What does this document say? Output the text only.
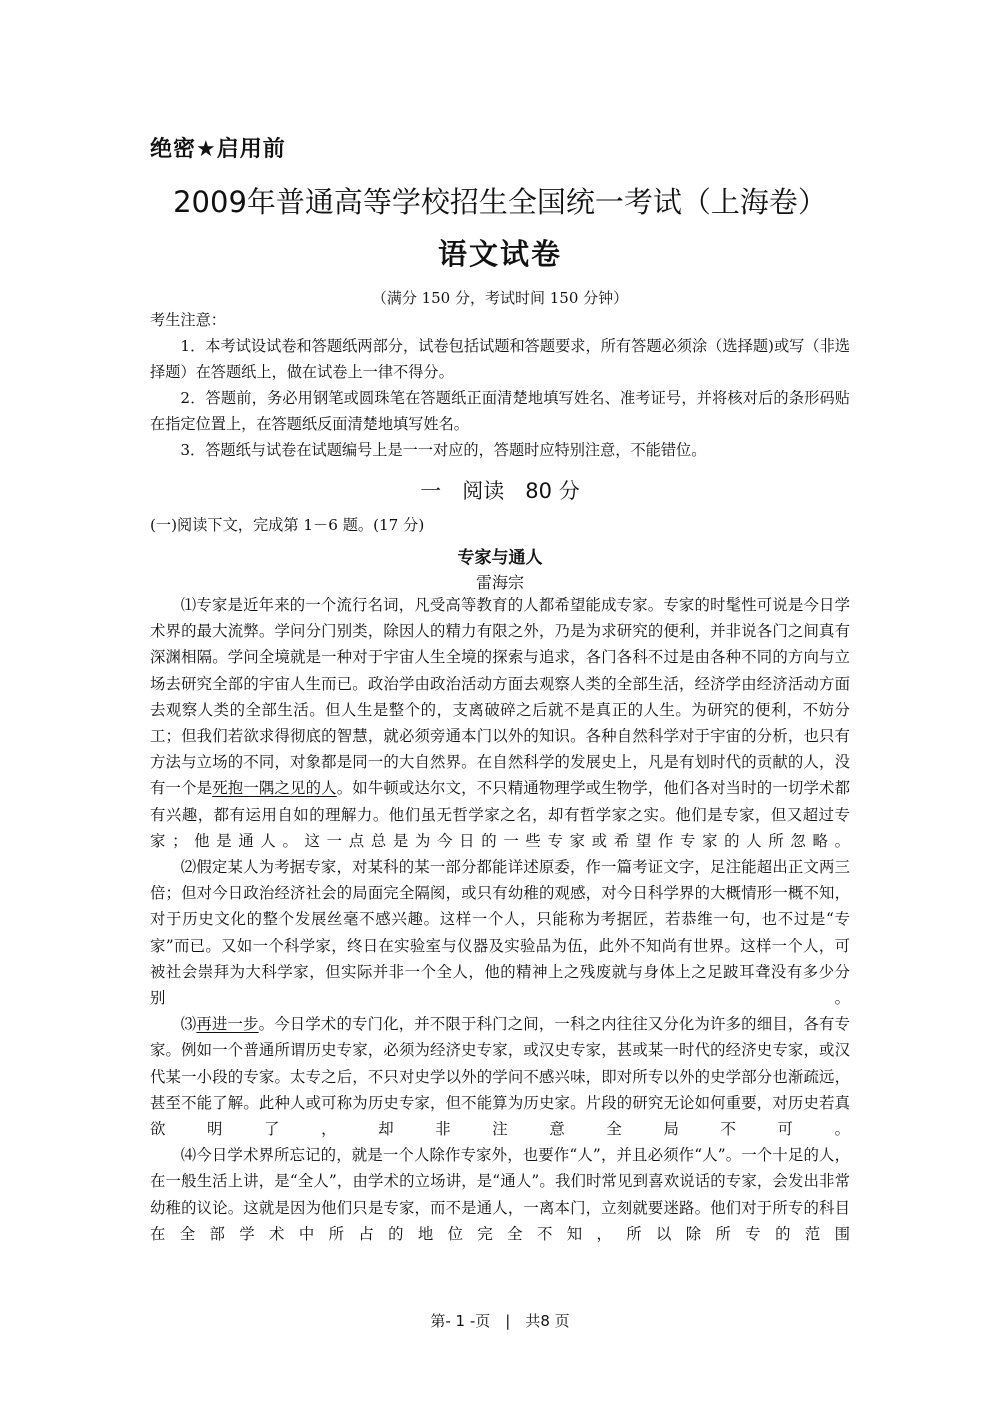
绝密★启用前
2009年普通高等学校招生全国统一考试（上海卷）
语文试卷
（满分 150 分，考试时间 150 分钟）
考生注意：

1．本考试设试卷和答题纸两部分，试卷包括试题和答题要求，所有答题必须涂（选择题)或写（非选择题）在答题纸上，做在试卷上一律不得分。

2．答题前，务必用钢笔或圆珠笔在答题纸正面清楚地填写姓名、准考证号，并将核对后的条形码贴在指定位置上，在答题纸反面清楚地填写姓名。

3．答题纸与试卷在试题编号上是一一对应的，答题时应特别注意，不能错位。

一　阅读　80 分
(一)阅读下文，完成第 1－6 题。(17 分)
专家与通人
雷海宗

⑴专家是近年来的一个流行名词，凡受高等教育的人都希望能成专家。专家的时髦性可说是今日学术界的最大流弊。学问分门别类，除因人的精力有限之外，乃是为求研究的便利，并非说各门之间真有深渊相隔。学问全境就是一种对于宇宙人生全境的探索与追求，各门各科不过是由各种不同的方向与立场去研究全部的宇宙人生而已。政治学由政治活动方面去观察人类的全部生活，经济学由经济活动方面去观察人类的全部生活。但人生是整个的，支离破碎之后就不是真正的人生。为研究的便利，不妨分工；但我们若欲求得彻底的智慧，就必须旁通本门以外的知识。各种自然科学对于宇宙的分析，也只有方法与立场的不同，对象都是同一的大自然界。在自然科学的发展史上，凡是有划时代的贡献的人，没有一个是死抱一隅之见的人。如牛顿或达尔文，不只精通物理学或生物学，他们各对当时的一切学术都有兴趣，都有运用自如的理解力。他们虽无哲学家之名，却有哲学家之实。他们是专家，但又超过专家；他是通人。这一点总是为今日的一些专家或希望作专家的人所忽略。

⑵假定某人为考据专家，对某科的某一部分都能详述原委，作一篇考证文字，足注能超出正文两三倍；但对今日政治经济社会的局面完全隔阂，或只有幼稚的观感，对今日科学界的大概情形一概不知，对于历史文化的整个发展丝毫不感兴趣。这样一个人，只能称为考据匠，若恭维一句，也不过是“专家”而已。又如一个科学家，终日在实验室与仪器及实验品为伍，此外不知尚有世界。这样一个人，可被社会崇拜为大科学家，但实际并非一个全人，他的精神上之残废就与身体上之足跛耳聋没有多少分别。

⑶再进一步。今日学术的专门化，并不限于科门之间，一科之内往往又分化为许多的细目，各有专家。例如一个普通所谓历史专家，必须为经济史专家，或汉史专家，甚或某一时代的经济史专家，或汉代某一小段的专家。太专之后，不只对史学以外的学问不感兴味，即对所专以外的史学部分也渐疏远，甚至不能了解。此种人或可称为历史专家，但不能算为历史家。片段的研究无论如何重要，对历史若真欲明了，却非注意全局不可。

⑷今日学术界所忘记的，就是一个人除作专家外，也要作“人”，并且必须作“人”。一个十足的人，在一般生活上讲，是“全人”，由学术的立场讲，是“通人”。我们时常见到喜欢说话的专家，会发出非常幼稚的议论。这就是因为他们只是专家，而不是通人，一离本门，立刻就要迷路。他们对于所专的科目在全部学术中所占的地位完全不知，所以除所专的范围

第- 1 -页　|　共8 页
